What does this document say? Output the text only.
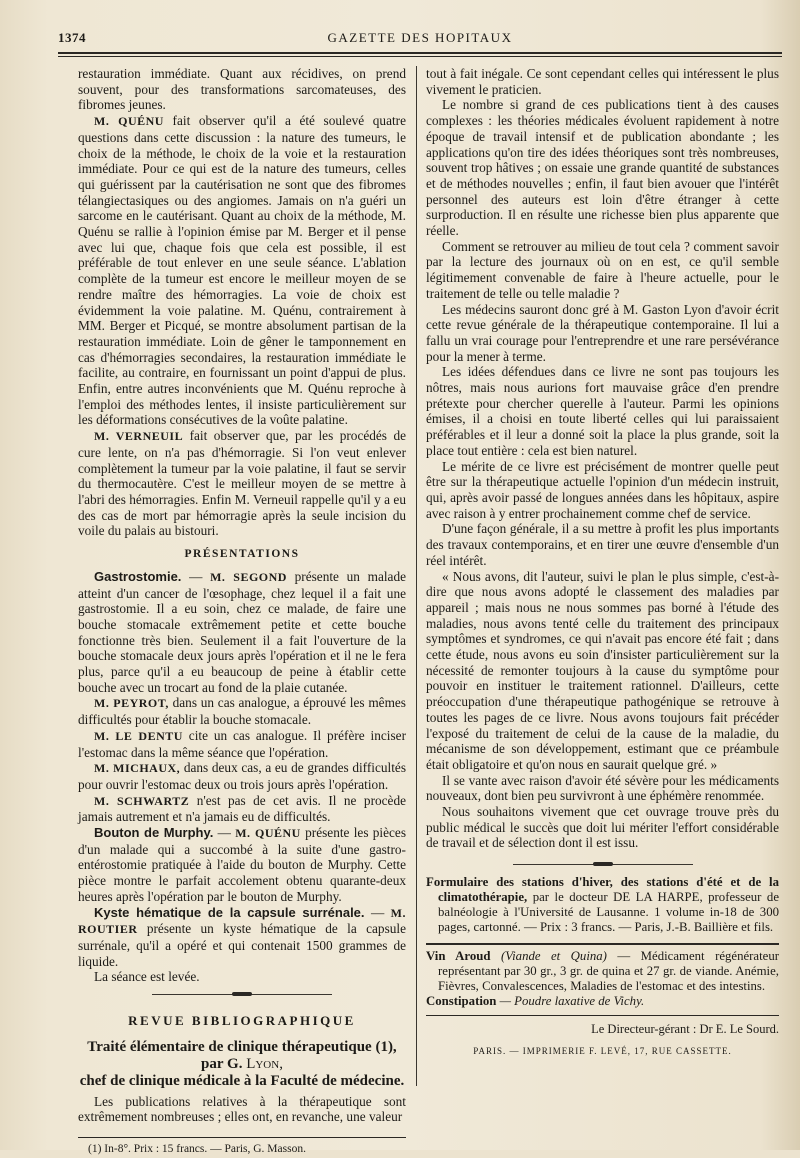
1374	GAZETTE DES HOPITAUX

restauration immédiate. Quant aux récidives, on prend souvent, pour des transformations sarcomateuses, des fibromes jeunes.

M. QUÉNU fait observer qu'il a été soulevé quatre questions dans cette discussion : la nature des tumeurs, le choix de la méthode, le choix de la voie et la restauration immédiate. Pour ce qui est de la nature des tumeurs, celles qui guérissent par la cautérisation ne sont que des fibromes télangiectasiques ou des angiomes. Jamais on n'a guéri un sarcome en le cautérisant. Quant au choix de la méthode, M. Quénu se rallie à l'opinion émise par M. Berger et il pense avec lui que, chaque fois que cela est possible, il est préférable de tout enlever en une seule séance. L'ablation complète de la tumeur est encore le meilleur moyen de se rendre maître des hémorragies. La voie de choix est évidemment la voie palatine. M. Quénu, contrairement à MM. Berger et Picqué, se montre absolument partisan de la restauration immédiate. Loin de gêner le tamponnement en cas d'hémorragies secondaires, la restauration immédiate le facilite, au contraire, en fournissant un point d'appui de plus. Enfin, entre autres inconvénients que M. Quénu reproche à l'emploi des méthodes lentes, il insiste particulièrement sur les déformations consécutives de la voûte palatine.

M. VERNEUIL fait observer que, par les procédés de cure lente, on n'a pas d'hémorragie. Si l'on veut enlever complètement la tumeur par la voie palatine, il faut se servir du thermocautère. C'est le meilleur moyen de se mettre à l'abri des hémorragies. Enfin M. Verneuil rappelle qu'il y a eu des cas de mort par hémorragie après la seule incision du voile du palais au bistouri.

PRÉSENTATIONS

Gastrostomie. — M. SEGOND présente un malade atteint d'un cancer de l'œsophage, chez lequel il a fait une gastrostomie. Il a eu soin, chez ce malade, de faire une bouche stomacale extrêmement petite et cette bouche fonctionne très bien. Seulement il a fait l'ouverture de la bouche stomacale deux jours après l'opération et il ne le fera plus, parce qu'il a eu beaucoup de peine à établir cette bouche avec un trocart au fond de la plaie cutanée.

M. PEYROT, dans un cas analogue, a éprouvé les mêmes difficultés pour établir la bouche stomacale.

M. LE DENTU cite un cas analogue. Il préfère inciser l'estomac dans la même séance que l'opération.

M. MICHAUX, dans deux cas, a eu de grandes difficultés pour ouvrir l'estomac deux ou trois jours après l'opération.

M. SCHWARTZ n'est pas de cet avis. Il ne procède jamais autrement et n'a jamais eu de difficultés.

Bouton de Murphy. — M. QUÉNU présente les pièces d'un malade qui a succombé à la suite d'une gastro-entérostomie pratiquée à l'aide du bouton de Murphy. Cette pièce montre le parfait accolement obtenu quarante-deux heures après l'opération par le bouton de Murphy.

Kyste hématique de la capsule surrénale. — M. ROUTIER présente un kyste hématique de la capsule surrénale, qu'il a opéré et qui contenait 1500 grammes de liquide.

La séance est levée.

REVUE BIBLIOGRAPHIQUE
Traité élémentaire de clinique thérapeutique (1), par G. Lyon,
chef de clinique médicale à la Faculté de médecine.

Les publications relatives à la thérapeutique sont extrêmement nombreuses ; elles ont, en revanche, une valeur

(1) In-8°. Prix : 15 francs. — Paris, G. Masson.

tout à fait inégale. Ce sont cependant celles qui intéressent le plus vivement le praticien.

Le nombre si grand de ces publications tient à des causes complexes : les théories médicales évoluent rapidement à notre époque de travail intensif et de publication abondante ; les applications qu'on tire des idées théoriques sont très nombreuses, souvent trop hâtives ; on essaie une grande quantité de substances et de méthodes nouvelles ; enfin, il faut bien avouer que l'intérêt personnel des auteurs est loin d'être étranger à cette surproduction. Il en résulte une richesse bien plus apparente que réelle.

Comment se retrouver au milieu de tout cela ? comment savoir par la lecture des journaux où on en est, ce qu'il semble légitimement convenable de faire à l'heure actuelle, pour le traitement de telle ou telle maladie ?

Les médecins sauront donc gré à M. Gaston Lyon d'avoir écrit cette revue générale de la thérapeutique contemporaine. Il lui a fallu un vrai courage pour l'entreprendre et une rare persévérance pour la mener à terme.

Les idées défendues dans ce livre ne sont pas toujours les nôtres, mais nous aurions fort mauvaise grâce d'en prendre prétexte pour chercher querelle à l'auteur. Parmi les opinions émises, il a choisi en toute liberté celles qui lui paraissaient préférables et il leur a donné soit la place la plus grande, soit la place tout entière : cela est bien naturel.

Le mérite de ce livre est précisément de montrer quelle peut être sur la thérapeutique actuelle l'opinion d'un médecin instruit, qui, après avoir passé de longues années dans les hôpitaux, aspire avec raison à y entrer prochainement comme chef de service.

D'une façon générale, il a su mettre à profit les plus importants des travaux contemporains, et en tirer une œuvre d'ensemble d'un réel intérêt.

« Nous avons, dit l'auteur, suivi le plan le plus simple, c'est-à-dire que nous avons adopté le classement des maladies par appareil ; mais nous ne nous sommes pas borné à l'étude des maladies, nous avons tenté celle du traitement des principaux symptômes et syndromes, ce qui n'avait pas encore été fait ; dans cette étude, nous avons eu soin d'insister particulièrement sur la nécessité de remonter toujours à la cause du symptôme pour pouvoir en instituer le traitement rationnel. D'ailleurs, cette préoccupation d'une thérapeutique pathogénique se retrouve à toutes les pages de ce livre. Nous avons toujours fait précéder l'exposé du traitement de celui de la cause de la maladie, du mécanisme de son développement, estimant que ce préambule était obligatoire et qu'on nous en saurait quelque gré. »

Il se vante avec raison d'avoir été sévère pour les médicaments nouveaux, dont bien peu survivront à une éphémère renommée.

Nous souhaitons vivement que cet ouvrage trouve près du public médical le succès que doit lui mériter l'effort considérable de travail et de sélection dont il est issu.

Formulaire des stations d'hiver, des stations d'été et de la climatothérapie, par le docteur DE LA HARPE, professeur de balnéologie à l'Université de Lausanne. 1 volume in-18 de 300 pages, cartonné. — Prix : 3 francs. — Paris, J.-B. Baillière et fils.

Vin Aroud (Viande et Quina) — Médicament régénérateur représentant par 30 gr., 3 gr. de quina et 27 gr. de viande. Anémie, Fièvres, Convalescences, Maladies de l'estomac et des intestins.

Constipation — Poudre laxative de Vichy.

Le Directeur-gérant : Dr E. Le Sourd.
PARIS. — IMPRIMERIE F. LEVÉ, 17, RUE CASSETTE.
